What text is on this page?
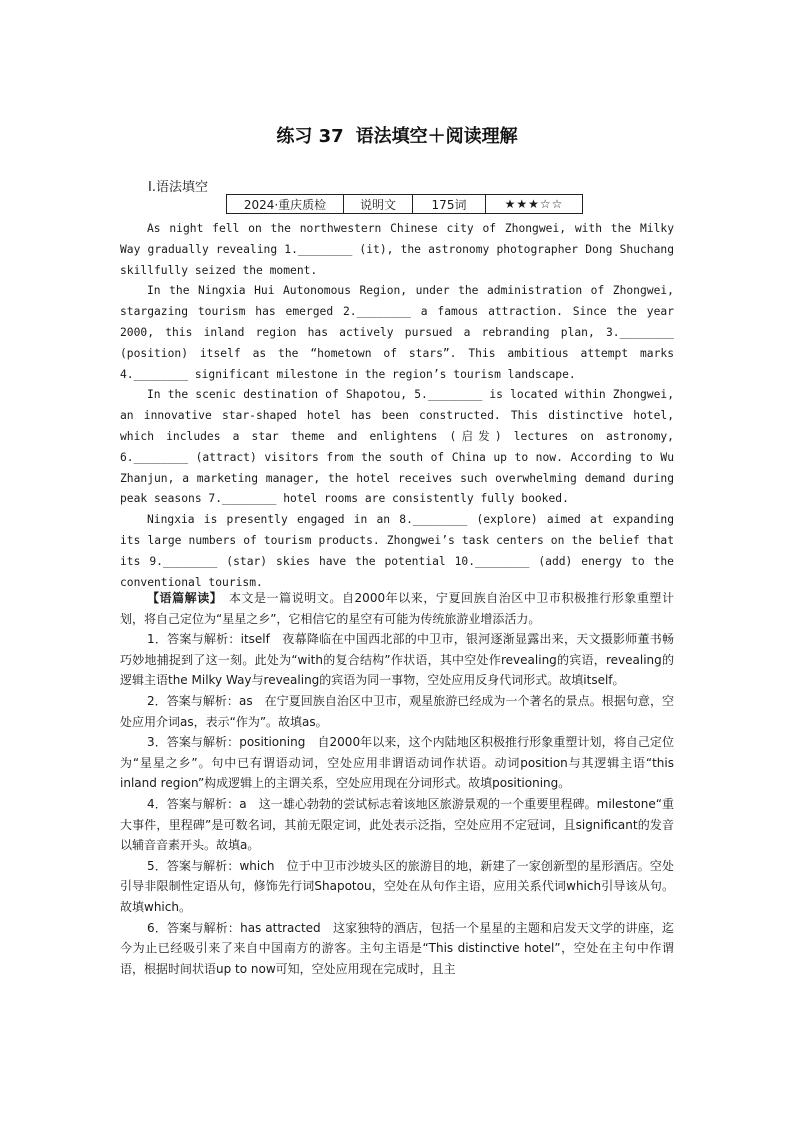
练习 37 语法填空＋阅读理解
Ⅰ.语法填空
2024·重庆质检	说明文	175词	★★★☆☆

As night fell on the northwestern Chinese city of Zhongwei, with the Milky Way gradually revealing 1.________ (it), the astronomy photographer Dong Shuchang skillfully seized the moment.

In the Ningxia Hui Autonomous Region, under the administration of Zhongwei, stargazing tourism has emerged 2.________ a famous attraction. Since the year 2000, this inland region has actively pursued a rebranding plan, 3.________ (position) itself as the “hometown of stars”. This ambitious attempt marks 4.________ significant milestone in the region’s tourism landscape.

In the scenic destination of Shapotou, 5.________ is located within Zhongwei, an innovative star-shaped hotel has been constructed. This distinctive hotel, which includes a star theme and enlightens (启发) lectures on astronomy, 6.________ (attract) visitors from the south of China up to now. According to Wu Zhanjun, a marketing manager, the hotel receives such overwhelming demand during peak seasons 7.________ hotel rooms are consistently fully booked.

Ningxia is presently engaged in an 8.________ (explore) aimed at expanding its large numbers of tourism products. Zhongwei’s task centers on the belief that its 9.________ (star) skies have the potential 10.________ (add) energy to the conventional tourism.

【语篇解读】　 本文是一篇说明文。自2000年以来，宁夏回族自治区中卫市积极推行形象重塑计划，将自己定位为“星星之乡”，它相信它的星空有可能为传统旅游业增添活力。

1．答案与解析：itself　夜幕降临在中国西北部的中卫市，银河逐渐显露出来，天文摄影师董书畅巧妙地捕捉到了这一刻。此处为“with的复合结构”作状语，其中空处作revealing的宾语，revealing的逻辑主语the Milky Way与revealing的宾语为同一事物，空处应用反身代词形式。故填itself。

2．答案与解析：as　在宁夏回族自治区中卫市，观星旅游已经成为一个著名的景点。根据句意，空处应用介词as，表示“作为”。故填as。

3．答案与解析：positioning　自2000年以来，这个内陆地区积极推行形象重塑计划，将自己定位为“星星之乡”。句中已有谓语动词，空处应用非谓语动词作状语。动词position与其逻辑主语“this inland region”构成逻辑上的主谓关系，空处应用现在分词形式。故填positioning。

4．答案与解析：a　这一雄心勃勃的尝试标志着该地区旅游景观的一个重要里程碑。milestone“重大事件，里程碑”是可数名词，其前无限定词，此处表示泛指，空处应用不定冠词，且significant的发音以辅音音素开头。故填a。

5．答案与解析：which　位于中卫市沙坡头区的旅游目的地，新建了一家创新型的星形酒店。空处引导非限制性定语从句，修饰先行词Shapotou，空处在从句作主语，应用关系代词which引导该从句。故填which。

6．答案与解析：has attracted　这家独特的酒店，包括一个星星的主题和启发天文学的讲座，迄今为止已经吸引来了来自中国南方的游客。主句主语是“This distinctive hotel”，空处在主句中作谓语，根据时间状语up to now可知，空处应用现在完成时，且主
